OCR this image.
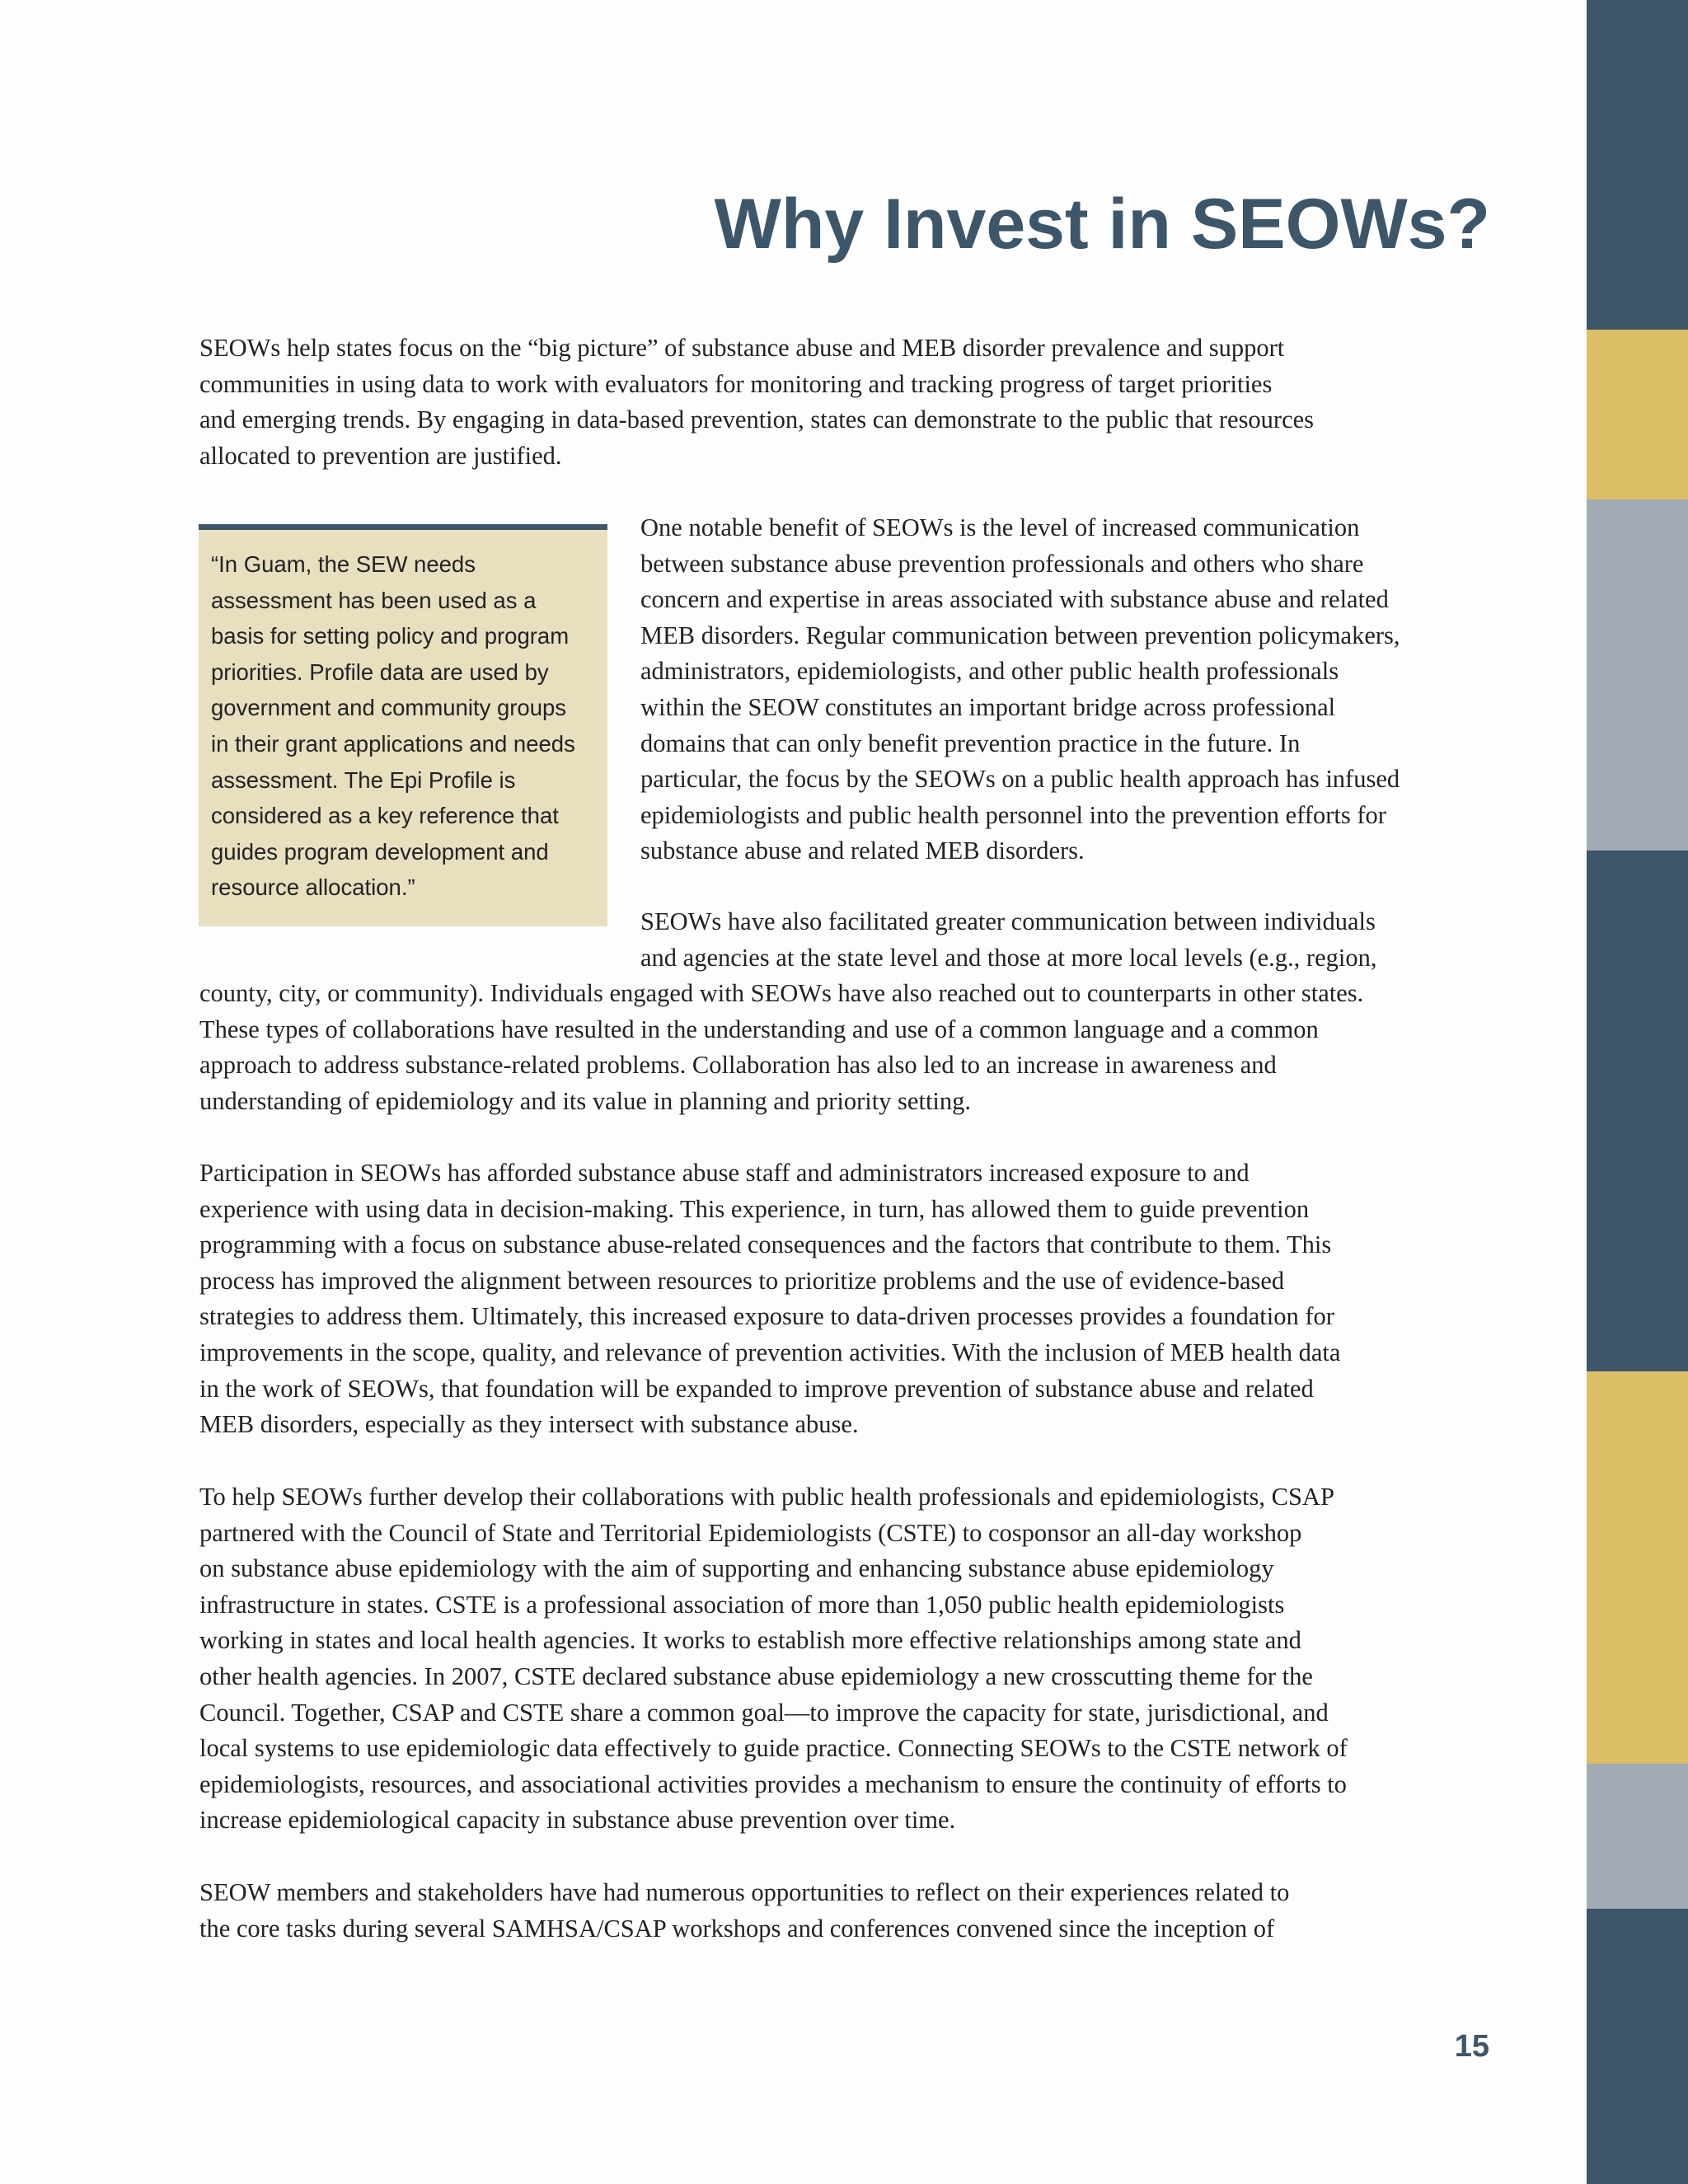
Why Invest in SEOWs?

SEOWs help states focus on the “big picture” of substance abuse and MEB disorder prevalence and support
communities in using data to work with evaluators for monitoring and tracking progress of target priorities
and emerging trends. By engaging in data-based prevention, states can demonstrate to the public that resources
allocated to prevention are justified.

“In Guam, the SEW needs
assessment has been used as a
basis for setting policy and program
priorities. Profile data are used by
government and community groups
in their grant applications and needs
assessment. The Epi Profile is
considered as a key reference that
guides program development and
resource allocation.”

One notable benefit of SEOWs is the level of increased communication
between substance abuse prevention professionals and others who share
concern and expertise in areas associated with substance abuse and related
MEB disorders. Regular communication between prevention policymakers,
administrators, epidemiologists, and other public health professionals
within the SEOW constitutes an important bridge across professional
domains that can only benefit prevention practice in the future. In
particular, the focus by the SEOWs on a public health approach has infused
epidemiologists and public health personnel into the prevention efforts for
substance abuse and related MEB disorders.

SEOWs have also facilitated greater communication between individuals
and agencies at the state level and those at more local levels (e.g., region,

county, city, or community). Individuals engaged with SEOWs have also reached out to counterparts in other states.
These types of collaborations have resulted in the understanding and use of a common language and a common
approach to address substance-related problems. Collaboration has also led to an increase in awareness and
understanding of epidemiology and its value in planning and priority setting.

Participation in SEOWs has afforded substance abuse staff and administrators increased exposure to and
experience with using data in decision-making. This experience, in turn, has allowed them to guide prevention
programming with a focus on substance abuse-related consequences and the factors that contribute to them. This
process has improved the alignment between resources to prioritize problems and the use of evidence-based
strategies to address them. Ultimately, this increased exposure to data-driven processes provides a foundation for
improvements in the scope, quality, and relevance of prevention activities. With the inclusion of MEB health data
in the work of SEOWs, that foundation will be expanded to improve prevention of substance abuse and related
MEB disorders, especially as they intersect with substance abuse.

To help SEOWs further develop their collaborations with public health professionals and epidemiologists, CSAP
partnered with the Council of State and Territorial Epidemiologists (CSTE) to cosponsor an all-day workshop
on substance abuse epidemiology with the aim of supporting and enhancing substance abuse epidemiology
infrastructure in states. CSTE is a professional association of more than 1,050 public health epidemiologists
working in states and local health agencies. It works to establish more effective relationships among state and
other health agencies. In 2007, CSTE declared substance abuse epidemiology a new crosscutting theme for the
Council. Together, CSAP and CSTE share a common goal—to improve the capacity for state, jurisdictional, and
local systems to use epidemiologic data effectively to guide practice. Connecting SEOWs to the CSTE network of
epidemiologists, resources, and associational activities provides a mechanism to ensure the continuity of efforts to
increase epidemiological capacity in substance abuse prevention over time.

SEOW members and stakeholders have had numerous opportunities to reflect on their experiences related to
the core tasks during several SAMHSA/CSAP workshops and conferences convened since the inception of

15
